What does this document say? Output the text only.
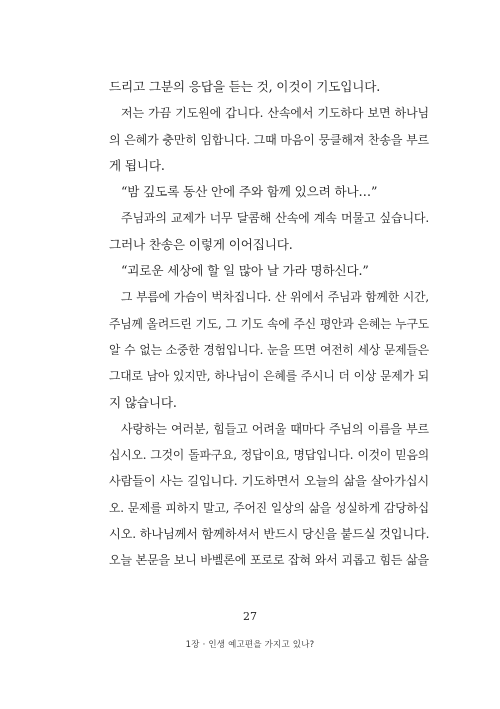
드리고 그분의 응답을 듣는 것, 이것이 기도입니다.
저는 가끔 기도원에 갑니다. 산속에서 기도하다 보면 하나님
의 은혜가 충만히 임합니다. 그때 마음이 뭉클해져 찬송을 부르
게 됩니다.
“밤 깊도록 동산 안에 주와 함께 있으려 하나…”
주님과의 교제가 너무 달콤해 산속에 계속 머물고 싶습니다.
그러나 찬송은 이렇게 이어집니다.
“괴로운 세상에 할 일 많아 날 가라 명하신다.”
그 부름에 가슴이 벅차집니다. 산 위에서 주님과 함께한 시간,
주님께 올려드린 기도, 그 기도 속에 주신 평안과 은혜는 누구도
알 수 없는 소중한 경험입니다. 눈을 뜨면 여전히 세상 문제들은
그대로 남아 있지만, 하나님이 은혜를 주시니 더 이상 문제가 되
지 않습니다.
사랑하는 여러분, 힘들고 어려울 때마다 주님의 이름을 부르
십시오. 그것이 돌파구요, 정답이요, 명답입니다. 이것이 믿음의
사람들이 사는 길입니다. 기도하면서 오늘의 삶을 살아가십시
오. 문제를 피하지 말고, 주어진 일상의 삶을 성실하게 감당하십
시오. 하나님께서 함께하셔서 반드시 당신을 붙드실 것입니다.
오늘 본문을 보니 바벨론에 포로로 잡혀 와서 괴롭고 힘든 삶을
27
1장 · 인생 예고편을 가지고 있나?
